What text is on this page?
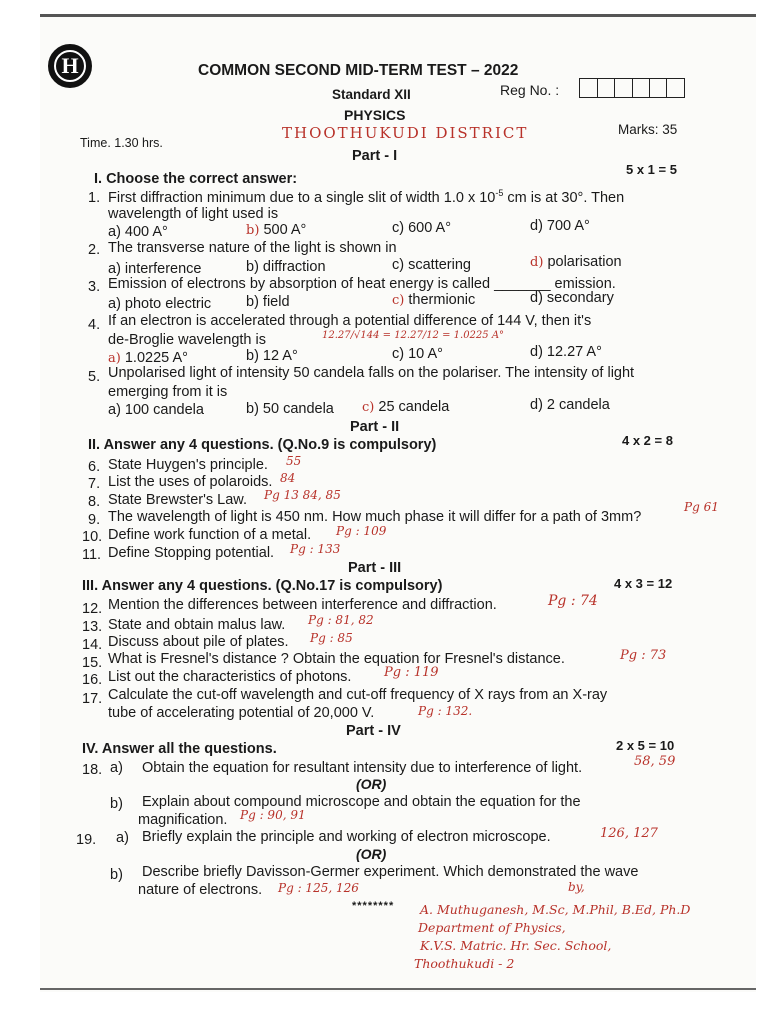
H	COMMON SECOND MID-TERM TEST – 2022
Standard XII	Reg No. :
PHYSICS
Time. 1.30 hrs.
THOOTHUKUDI DISTRICT	Marks: 35
Part - I
I. Choose the correct answer:
5 x 1 = 5
1. First diffraction minimum due to a single slit of width 1.0 x $10^{-5}$ cm is at 30°. Then
wavelength of light used is
a) 400 A°	b) 500 A°	c) 600 A°	d) 700 A°
2. The transverse nature of the light is shown in
a) interference	b) diffraction	c) scattering	d) polarisation
3. Emission of electrons by absorption of heat energy is called _______ emission.
a) photo electric b) field	c) thermionic	d) secondary
4. If an electron is accelerated through a potential difference of 144 V, then it's
de-Broglie wavelength is	12.27/√144 = 12.27/12 = 1.0225 A°
a) 1.0225 A°	b) 12 A°	c) 10 A°	d) 12.27 A°
5. Unpolarised light of intensity 50 candela falls on the polariser. The intensity of light
emerging from it is
a) 100 candela	b) 50 candela c) 25 candela	d) 2 candela
Part - II
II. Answer any 4 questions. (Q.No.9 is compulsory)	4 x 2 = 8
6. State Huygen's principle. 55
7. List the uses of polaroids. 84
8. State Brewster's Law. Pg 13 84, 85
9. The wavelength of light is 450 nm. How much phase it will differ for a path of 3mm?
Pg 61
10. Define work function of a metal. Pg : 109
11. Define Stopping potential. Pg : 133
Part - III
III. Answer any 4 questions. (Q.No.17 is compulsory)	4 x 3 = 12
12. Mention the differences between interference and diffraction.	Pg : 74
13. State and obtain malus law. Pg : 81, 82
14. Discuss about pile of plates. Pg : 85
15. What is Fresnel's distance ? Obtain the equation for Fresnel's distance.	Pg : 73
16. List out the characteristics of photons.	Pg : 119
17. Calculate the cut-off wavelength and cut-off frequency of X rays from an X-ray
tube of accelerating potential of 20,000 V.	Pg : 132.
Part - IV
IV. Answer all the questions.	2 x 5 = 10
18. a) Obtain the equation for resultant intensity due to interference of light.	58, 59
(OR)
b) Explain about compound microscope and obtain the equation for the
magnification. Pg : 90, 91
19. a) Briefly explain the principle and working of electron microscope.	126, 127
(OR)
b) Describe briefly Davisson-Germer experiment. Which demonstrated the wave
nature of electrons. Pg : 125, 126
********
by,
A. Muthuganesh, M.Sc, M.Phil, B.Ed, Ph.D
Department of Physics,
K.V.S. Matric. Hr. Sec. School,
Thoothukudi - 2
